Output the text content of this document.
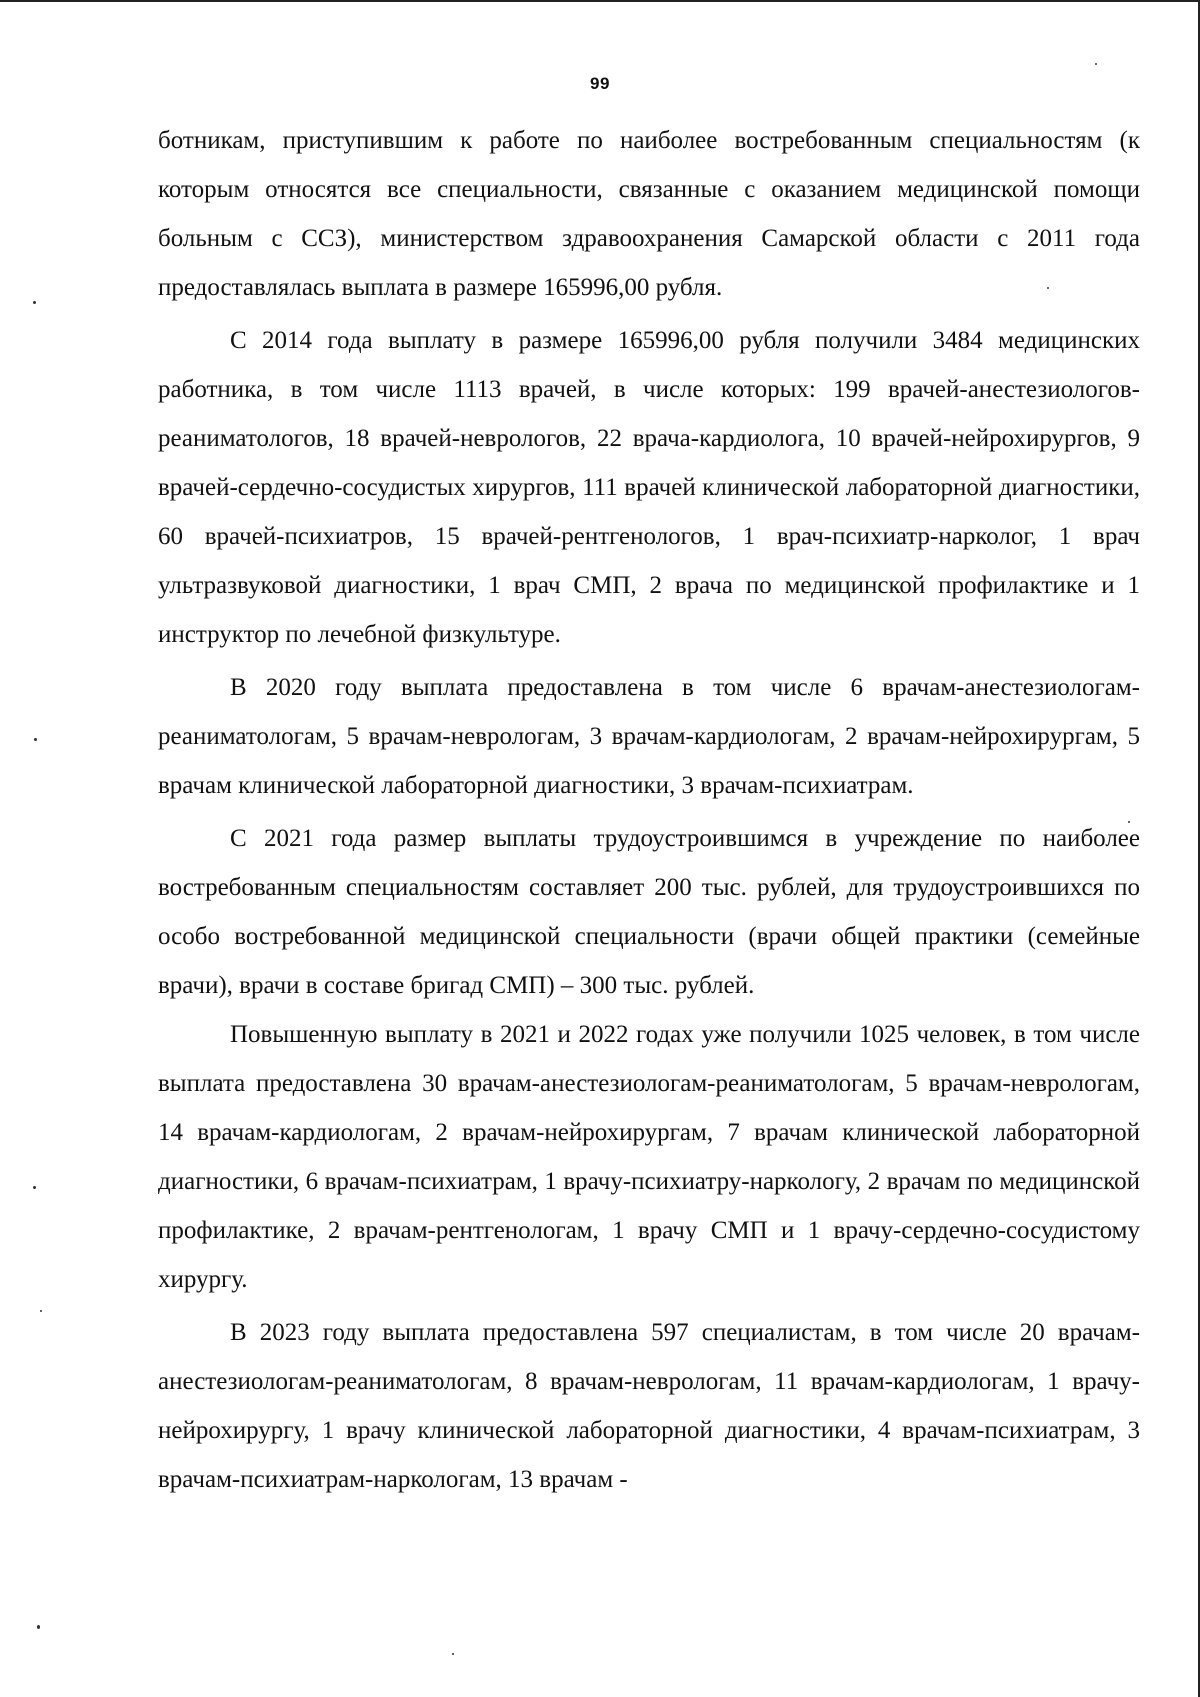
99

ботникам, приступившим к работе по наиболее востребованным специальностям (к которым относятся все специальности, связанные с оказанием медицинской помощи больным с ССЗ), министерством здравоохранения Самарской области с 2011 года предоставлялась выплата в размере 165996,00 рубля.

С 2014 года выплату в размере 165996,00 рубля получили 3484 медицинских работника, в том числе 1113 врачей, в числе которых: 199 врачей-анестезиологов-реаниматологов, 18 врачей-неврологов, 22 врача-кардиолога, 10 врачей-нейрохирургов, 9 врачей-сердечно-сосудистых хирургов, 111 врачей клинической лабораторной диагностики, 60 врачей-психиатров, 15 врачей-рентгенологов, 1 врач-психиатр-нарколог, 1 врач ультразвуковой диагностики, 1 врач СМП, 2 врача по медицинской профилактике и 1 инструктор по лечебной физкультуре.

В 2020 году выплата предоставлена в том числе 6 врачам-анестезиологам-реаниматологам, 5 врачам-неврологам, 3 врачам-кардиологам, 2 врачам-нейрохирургам, 5 врачам клинической лабораторной диагностики, 3 врачам-психиатрам.

С 2021 года размер выплаты трудоустроившимся в учреждение по наиболее востребованным специальностям составляет 200 тыс. рублей, для трудоустроившихся по особо востребованной медицинской специальности (врачи общей практики (семейные врачи), врачи в составе бригад СМП) – 300 тыс. рублей.

Повышенную выплату в 2021 и 2022 годах уже получили 1025 человек, в том числе выплата предоставлена 30 врачам-анестезиологам-реаниматологам, 5 врачам-неврологам, 14 врачам-кардиологам, 2 врачам-нейрохирургам, 7 врачам клинической лабораторной диагностики, 6 врачам-психиатрам, 1 врачу-психиатру-наркологу, 2 врачам по медицинской профилактике, 2 врачам-рентгенологам, 1 врачу СМП и 1 врачу-сердечно-сосудистому хирургу.

В 2023 году выплата предоставлена 597 специалистам, в том числе 20 врачам-анестезиологам-реаниматологам, 8 врачам-неврологам, 11 врачам-кардиологам, 1 врачу-нейрохирургу, 1 врачу клинической лабораторной диагностики, 4 врачам-психиатрам, 3 врачам-психиатрам-наркологам, 13 врачам -
